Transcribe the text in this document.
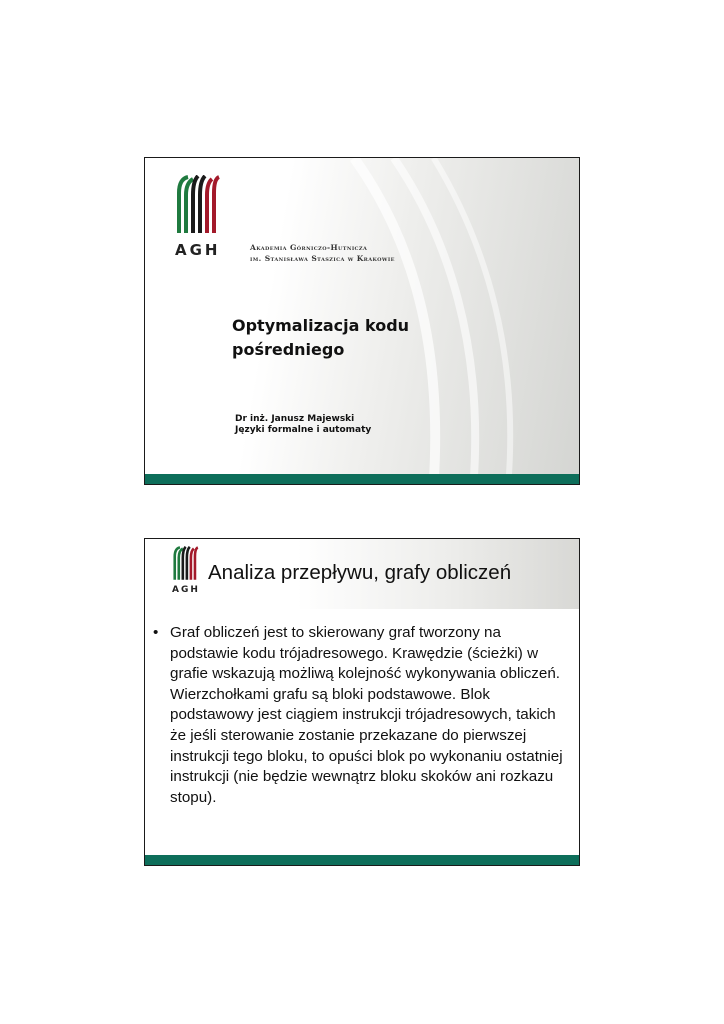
AGH	Akademia Górniczo-Hutnicza
im. Stanisława Staszica w Krakowie
Optymalizacja kodu
pośredniego
Dr inż. Janusz Majewski
Języki formalne i automaty
AGH
Analiza przepływu, grafy obliczeń
• Graf obliczeń jest to skierowany graf tworzony na podstawie kodu trójadresowego. Krawędzie (ścieżki) w grafie wskazują możliwą kolejność wykonywania obliczeń. Wierzchołkami grafu są bloki podstawowe. Blok podstawowy jest ciągiem instrukcji trójadresowych, takich że jeśli sterowanie zostanie przekazane do pierwszej instrukcji tego bloku, to opuści blok po wykonaniu ostatniej instrukcji (nie będzie wewnątrz bloku skoków ani rozkazu stopu).
